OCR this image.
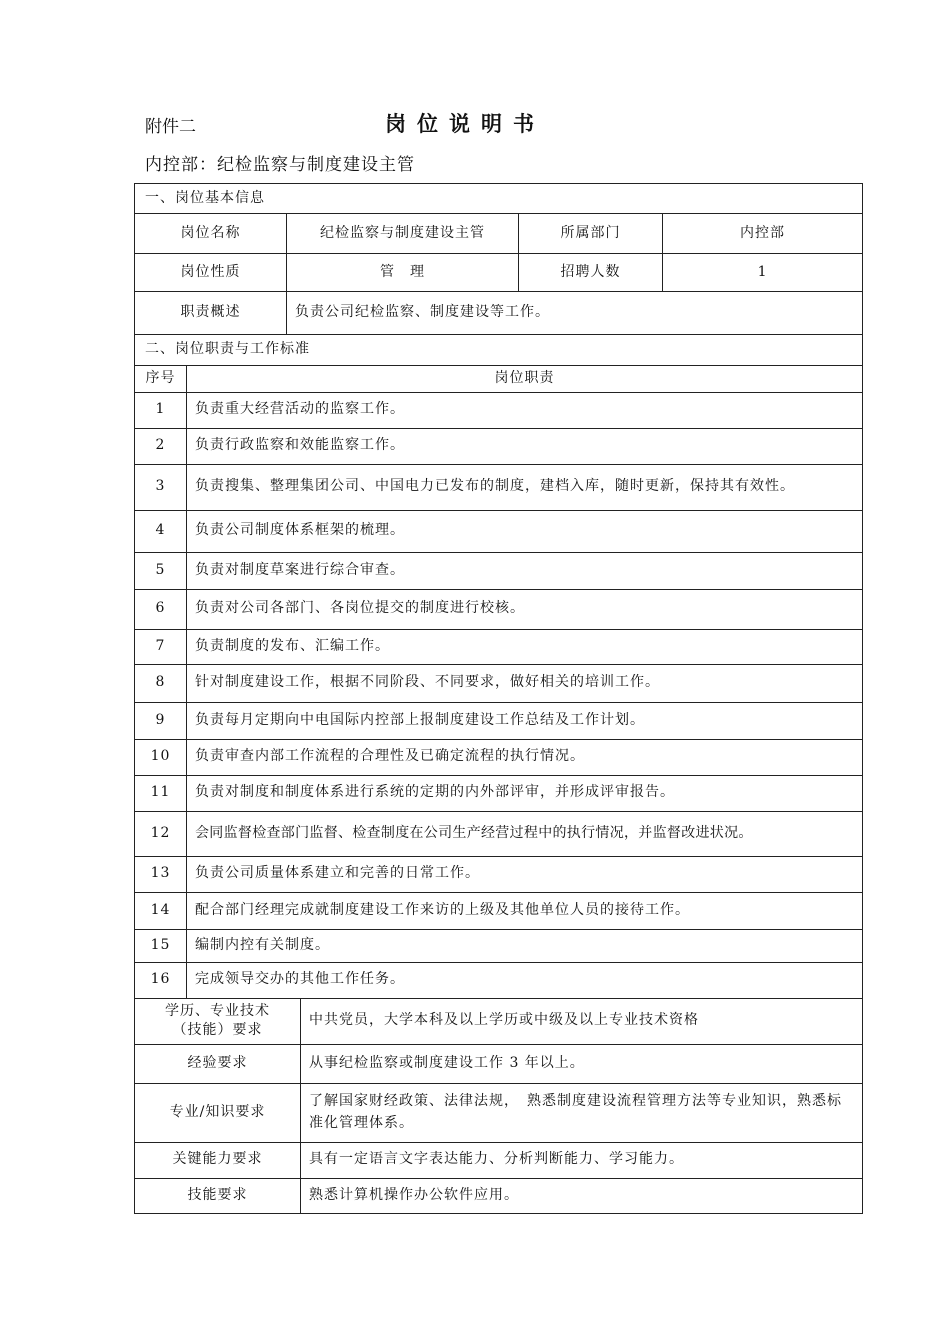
附件二	岗位说明书
内控部：纪检监察与制度建设主管
一、岗位基本信息					
岗位名称		纪检监察与制度建设主管		所属部门	内控部
岗位性质		管　理		招聘人数	1
职责概述		负责公司纪检监察、制度建设等工作。			
二、岗位职责与工作标准					
序号	岗位职责				
1	负责重大经营活动的监察工作。				
2	负责行政监察和效能监察工作。				
3	负责搜集、整理集团公司、中国电力已发布的制度，建档入库，随时更新，保持其有效性。				
4	负责公司制度体系框架的梳理。				
5	负责对制度草案进行综合审查。				
6	负责对公司各部门、各岗位提交的制度进行校核。				
7	负责制度的发布、汇编工作。				
8	针对制度建设工作，根据不同阶段、不同要求，做好相关的培训工作。				
9	负责每月定期向中电国际内控部上报制度建设工作总结及工作计划。				
10	负责审查内部工作流程的合理性及已确定流程的执行情况。				
11	负责对制度和制度体系进行系统的定期的内外部评审，并形成评审报告。				
12	会同监督检查部门监督、检查制度在公司生产经营过程中的执行情况，并监督改进状况。				
13	负责公司质量体系建立和完善的日常工作。				
14	配合部门经理完成就制度建设工作来访的上级及其他单位人员的接待工作。				
15	编制内控有关制度。				
16	完成领导交办的其他工作任务。				

学历、专业技术
（技能）要求			中共党员，大学本科及以上学历或中级及以上专业技术资格		
经验要求			从事纪检监察或制度建设工作 3 年以上。		
专业/知识要求			了解国家财经政策、法律法规，　熟悉制度建设流程管理方法等专业知识，熟悉标准化管理体系。		
关键能力要求			具有一定语言文字表达能力、分析判断能力、学习能力。		
技能要求			熟悉计算机操作办公软件应用。		
